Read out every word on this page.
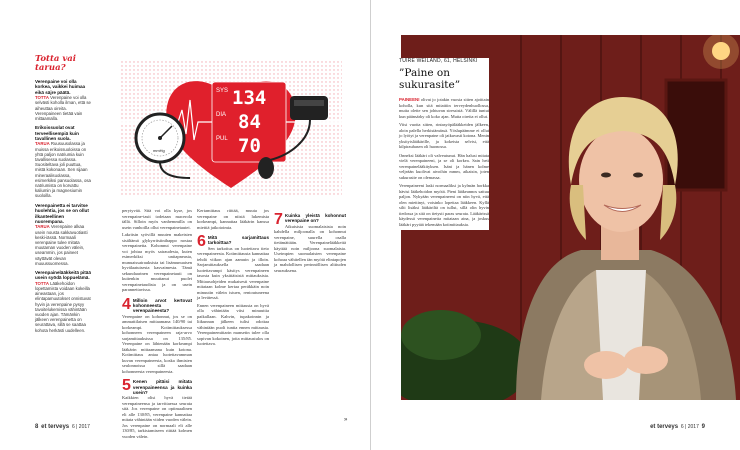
Totta vai tarua?
Verenpaine voi olla korkea, vaikkei huimaa eikä säjre päätä.
TOTTA Verenpaine voi olla selvästi koholla ilman, että se aiheuttaa oireita. Verenpaineen tietää vain mittaamalla.
Erikoissuolat ovat terveellisempiä kuin tavallinen suola.
TARUA Ruusuusolassa ja muissa erikoissuoloissa on yhtä paljon natriumia kuin tavallisessa suolassa. Suositeltava joli puuttua, mistä kokonaan. Sen sijaan mineraalisuolassa, esimerkiksi pansuolassa, osa natriumista on korvattu kaliumin ja magnesiumin suoloilla.
Verenpainetta ei tarvitse huolehtia, jos se on ollut ilkanteellinen nuorempana.
TARUA Verenpaine alkaa usein nousta sakkavuotiasti keski-iässä. Normaali verenpaine tulee mitata muutaman vuoden välein, useammin, jos paineet väyttävät olevan muuussuomessa.
Verenpainelääkkeitä pitää usein syödä loppuelämä.
TOTTA Lääkehoidon lopettamista voidaan kokeilla aineastaan, jos elintapamuutokset onnistuvat hyvin ja verenpaine pysyy tavoitelukemissa vähintään vuoden ajan. Tämänkin jälkeen verenpainetta on seurattava, sillä se saattaa kohota herkästi uudelleen.
SYS 134
DIA 84
PUL 70
mmHg

perytyvää. Sitä voi olla kyse, jos verenpaine-tasit todetaan macerola tällä. Silloin myös vanhemmilla on usein vanhoilla ollut verenpainetautei.

Lakritsin syövillä muuten makeisten sisältämä glykyrritsiinihappo nostaa verenpainetta. Kohonnut verenpaine voi johtua myös sairaudesta, kuten esimerkiksi unitapneasta, munuaissairauksista tai lisämunuaisen hyvälaatuisesta kasvaimesta. Tämä sekundaarinen verenpainetauti on kuitenkin muuttanut puolet verenpainetaudista ja on usein parannettavissa.

4 Milloin arvot kertovat kohonneesta verenpaineesta?

Verenpaine on kohonnut, jos se on ammattilaisen mittaamana 140/90 tai korkeampi. Kotimittauksessa kohonneen verenpaineen raja-arvo sarjamittauksissa on 135/85. Verenpaine on lähtenään korkeampi lääkärin mittaamana kuin kotona. Kotimittaus antaa luotettavamman kuvan verenpaineesta, koska ihmisten seulonnoissa sillä saadaan kohonneesta verenpaineesta.

5 Kenen pitäisi mitata verenpaineensa ja kuinka usein?

Kaikkien olisi hyvä tietää verenpaineensa ja tarvittaessa seurata sitä. Jos verenpaine on optimaalinen eli alle 130/85, verenpaine kannattaa mitata vähintään viiden vuoden välein. Jos verenpaine on normaali eli alle 130/85, tarkistamiseen riittää kolmen vuoden välein.

Kertamittaus riittää, muuta jos verenpaine on niistä lukemista korkeampi, kannattaa lääkärin kanssa miettiä jatkotoimia.

6 Mitä sarjamittaus tarkoittaa?

Sen tarkoitus on luotettava tieto verenpaineesta. Kotimittausta kannattaa tehdä viikon ajan aamuin ja illoin. Sarjamittauksella saadaan luotettavampi käsitys verenpaineen tasosta kuin yksittäisistä mittauksista. Mittausohjeiden mukaisesti verenpaine mitataan kolme kertaa peräkkäin noin minuutin välein istuen, rentoutuneena ja levätessä.

Ennen verenpaineen mittausta on hyvä olla vähintään viisi minuuttia paikallaan. Kahvin, tupakoinnin ja liikunnan jälkeen tulisi odottaa vähintään puoli tuntia ennen mittausta. Verenpainemittarin mansetin tulee olla sopivan kokoinen, jotta mittaustulos on luotettava.

7 Kuinka yleistä kohonnut verenpaine on?

Aikuisista suomalaisista noin kahdella miljoonalla on kohonnut verenpaine, suurella osalla tietämättään. Verenpainelääkkeitä käyttää noin miljoona suomalaista. Useimpien suomalaisten verenpaine kohoaa vähitellen iän myötä elintapojen ja mahdollisen perinnöllisen alttiuden seurauksena.

»
8 et terveys 6 | 2017
TUIRE WEILAND, 61, HELSINKI
”Paine on sukurasite”

PAINEENI olivat jo jotakin vuosia sitten ajoittain koholla, kun sitä mitattiin terveydenhuollossa, mutta olette sen johtuvan stressistä. Välillä tuntui kun päänsärky oli koko ajan. Mutta oireita ei ollut.

Viisi vuotta sitten, rintasyöpälääkkeiden jälkeen, aloin palella herkistämässä. Yöslupäämme ei ollut jo lyötyt ja verenpaine oli jatkuvasti kotona. Menin yksityislääkärille, ja kokeista selvisi, että kilpirauhasen oli huonossa.

Onneksi lääkäri oli valveutunut. Hän halusi mitata vielä verenpaineeni, ja se oli korkea. Sain heti verenpainelääkityksen. Isäni ja hänen kolme veljeään kuolivat aivoihin mmm, aikaisin, joten sukurasite on olemassa.

Verenpaineeni laski normaaliksi ja kylmän horkka hävisi lääkehoidon myötä. Pieni lääkeannos sattuu paljon. Nykyään verenpaineeni on niin hyvä, että olen miettinyt, voisinko lopettaa lääkkeen. Kyllä silti lisäksi lääkäriltä on tullut, sillä olin hyvin tiedossa ja sitä on tietysti paras seurata. Lääkärissä käydessä verenpainetta mitataan aina, ja joskus lääkäri pyytää tekemään kotimittauksia.

et terveys 6 | 2017 9
